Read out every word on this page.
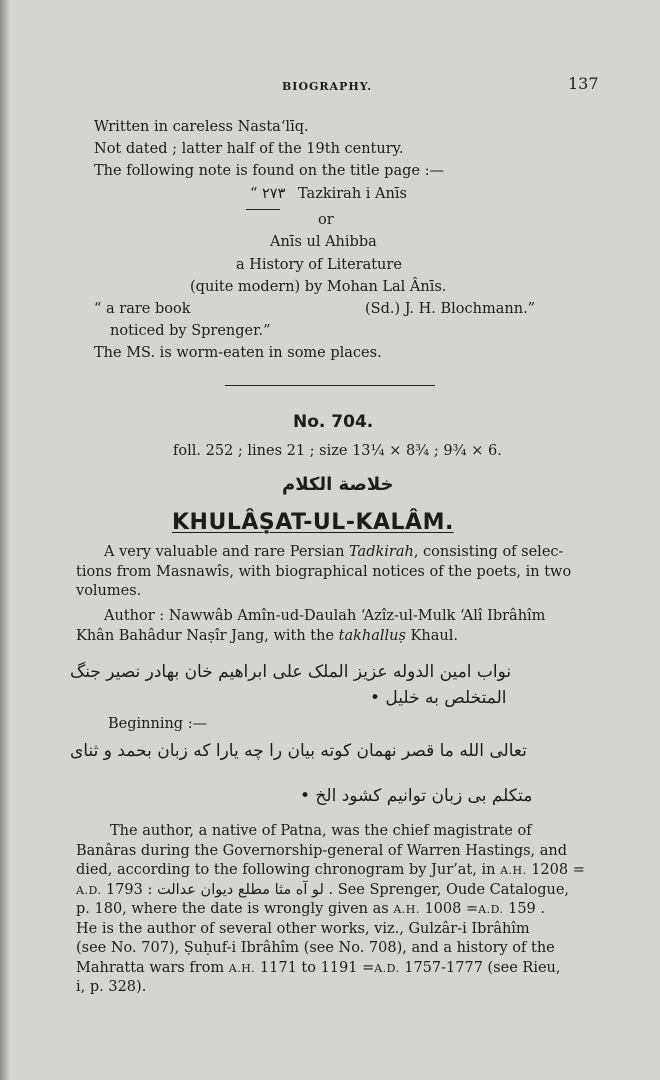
BIOGRAPHY.	137
Written in careless Nasta‘līq.
Not dated ; latter half of the 19th century.
The following note is found on the title page :—
“ ۲۷۳ Tazkirah i Anīs
or
Anīs ul Ahibba
a History of Literature
(quite modern) by Mohan Lal Ânīs.
“ a rare book	(Sd.) J. H. Blochmann.”
noticed by Sprenger.”
The MS. is worm-eaten in some places.
No. 704.
foll. 252 ; lines 21 ; size 13¼ × 8¾ ; 9¾ × 6.
خلاصة الكلام
KHULÂṢAT-UL-KALÂM.
A very valuable and rare Persian Tadkirah, consisting of selec-
tions from Masnawîs, with biographical notices of the poets, in two
volumes.
Author : Nawwâb Amîn-ud-Daulah ‘Azîz-ul-Mulk ‘Alî Ibrâhîm
Khân Bahâdur Naṣîr Jang, with the takhalluṣ Khaul.
نواب امین الدوله عزیز الملک علی ابراهیم خان بهادر نصیر جنگ
المتخلص به خلیل •
Beginning :—
تعالی الله ما قصر نهمان کوته بیان را چه یارا که زبان بحمد و ثنای
متکلم بی زبان توانیم کشود الخ •
The author, a native of Patna, was the chief magistrate of
Banâras during the Governorship-general of Warren Hastings, and
died, according to the following chronogram by Jur’at, in A.H. 1208 =
A.D. 1793 : لو آه مثا مطلع دیوان عدالت . See Sprenger, Oude Catalogue,
p. 180, where the date is wrongly given as A.H. 1008 =A.D. 159 .
He is the author of several other works, viz., Gulzâr-i Ibrâhîm
(see No. 707), Ṣuḥuf-i Ibrâhîm (see No. 708), and a history of the
Mahratta wars from A.H. 1171 to 1191 =A.D. 1757-1777 (see Rieu,
i, p. 328).
